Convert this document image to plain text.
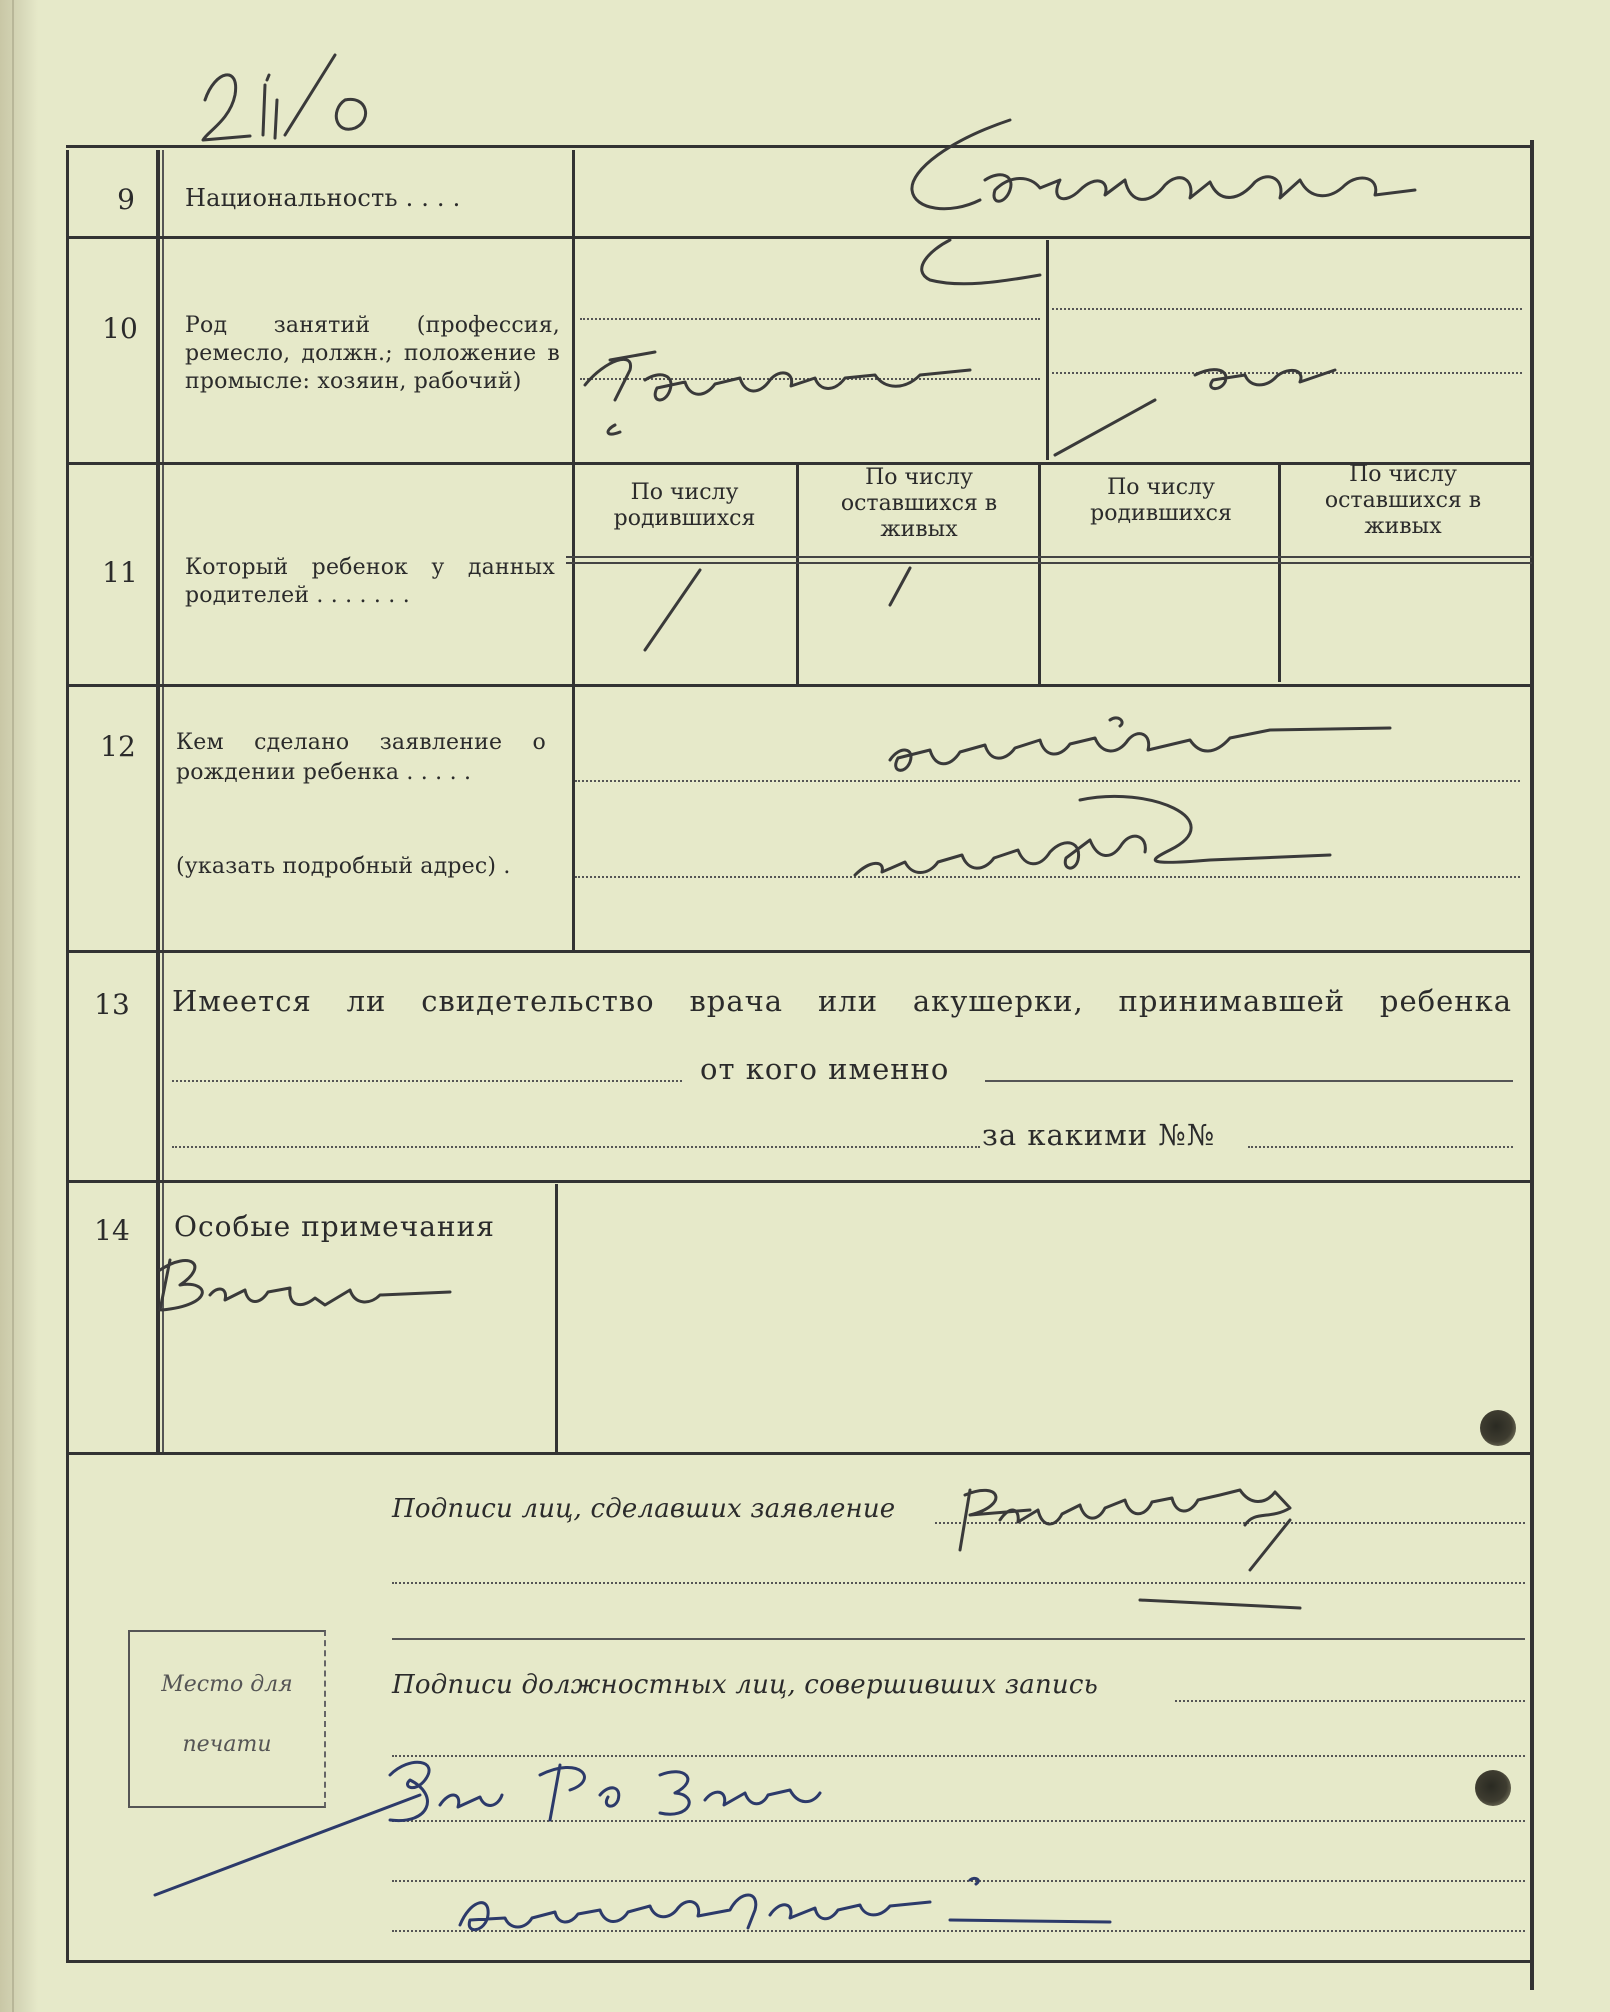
9	Национальность . . . .
10	Род занятий (профессия, ремесло, должн.; положение в промысле: хозяин, рабочий)
11	Который ребенок у данных родителей . . . . . . .
По числу родившихся
По числу оставшихся в живых
По числу родившихся
По числу оставшихся в живых
12	Кем сделано заявление о рождении ребенка . . . . .
(указать подробный адрес) .
13	Имеется ли свидетельство врача или акушерки, принимавшей ребенка
от кого именно
за какими №№
14	Особые примечания
Подписи лиц, сделавших заявление
Место для
печати
Подписи должностных лиц, совершивших запись
